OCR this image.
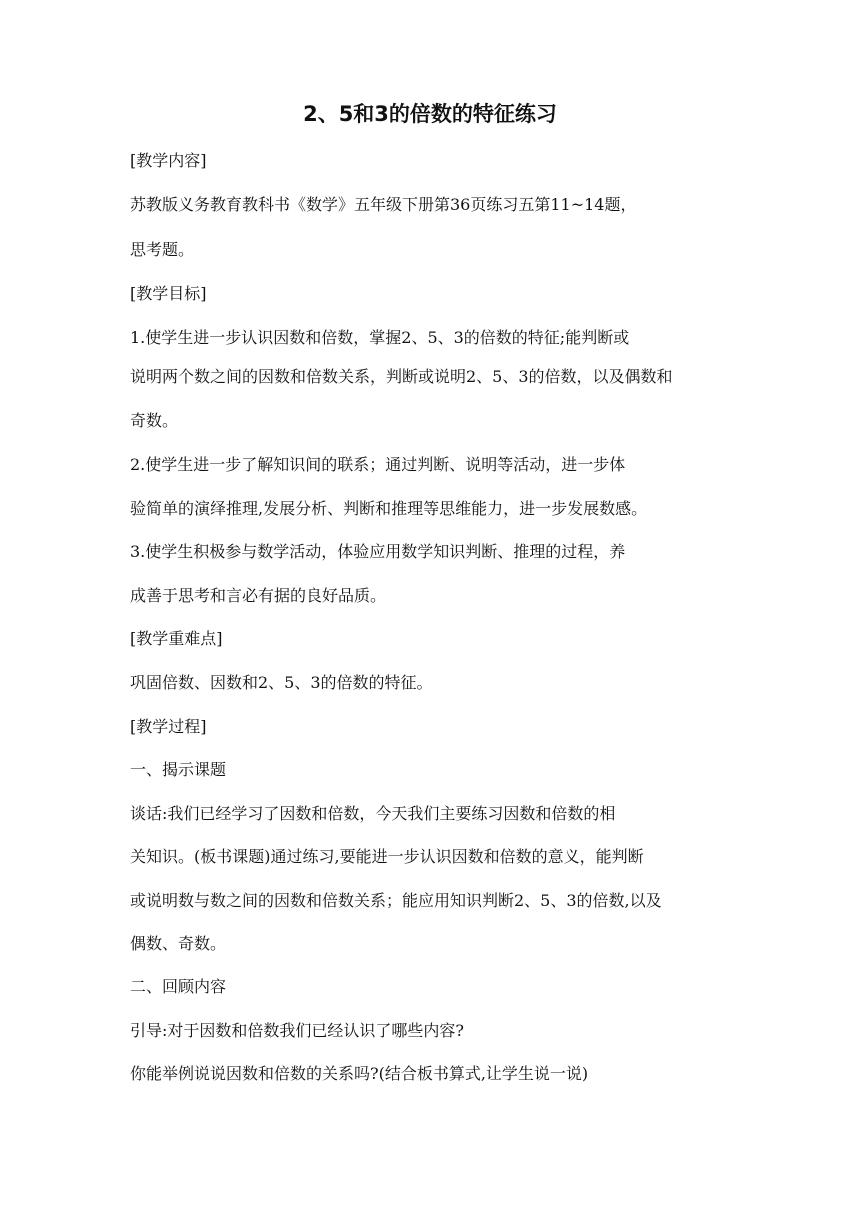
2、5和3的倍数的特征练习
[教学内容]
苏教版义务教育教科书《数学》五年级下册第36页练习五第11~14题，
思考题。
[教学目标]
1.使学生进一步认识因数和倍数，掌握2、5、3的倍数的特征;能判断或
说明两个数之间的因数和倍数关系，判断或说明2、5、3的倍数，以及偶数和
奇数。
2.使学生进一步了解知识间的联系；通过判断、说明等活动，进一步体
验简单的演绎推理,发展分析、判断和推理等思维能力，进一步发展数感。
3.使学生积极参与数学活动，体验应用数学知识判断、推理的过程，养
成善于思考和言必有据的良好品质。
[教学重难点]
巩固倍数、因数和2、5、3的倍数的特征。
[教学过程]
一、揭示课题
谈话:我们已经学习了因数和倍数，今天我们主要练习因数和倍数的相
关知识。(板书课题)通过练习,要能进一步认识因数和倍数的意义，能判断
或说明数与数之间的因数和倍数关系；能应用知识判断2、5、3的倍数,以及
偶数、奇数。
二、回顾内容
引导:对于因数和倍数我们已经认识了哪些内容?
你能举例说说因数和倍数的关系吗?(结合板书算式,让学生说一说)
